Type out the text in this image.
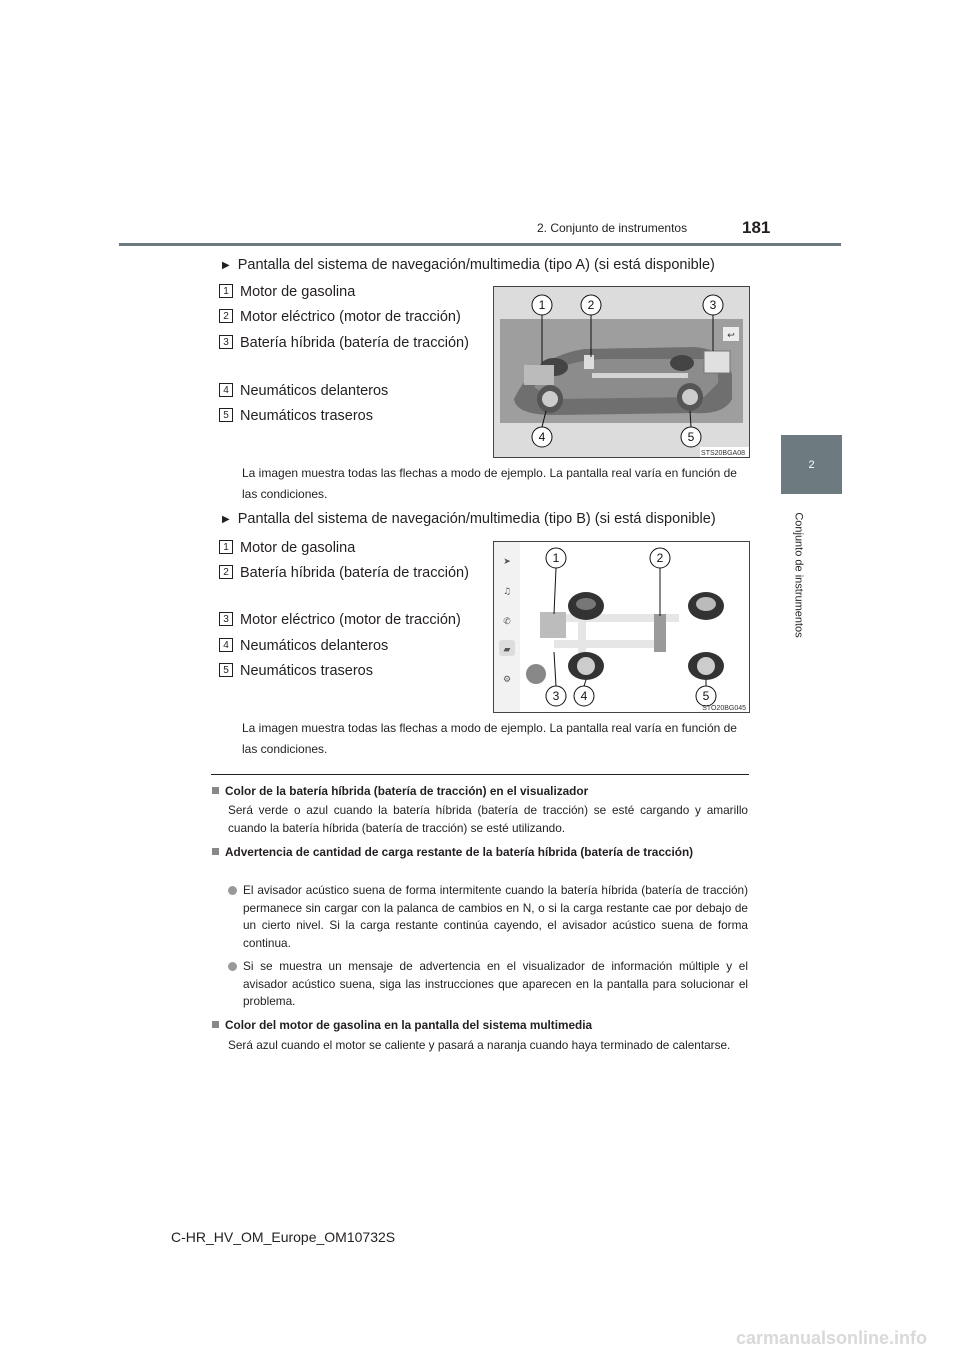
2. Conjunto de instrumentos	181
2
Conjunto de instrumentos
▶ Pantalla del sistema de navegación/multimedia (tipo A) (si está disponible)
1 Motor de gasolina
2 Motor eléctrico (motor de tracción)
3 Batería híbrida (batería de tracción)
4 Neumáticos delanteros
5 Neumáticos traseros
↩
1	2	3
4	5
STS20BGA08
La imagen muestra todas las flechas a modo de ejemplo. La pantalla real varía en función de las condiciones.
▶ Pantalla del sistema de navegación/multimedia (tipo B) (si está disponible)
1 Motor de gasolina
2 Batería híbrida (batería de tracción)
3 Motor eléctrico (motor de tracción)
4 Neumáticos delanteros
5 Neumáticos traseros
➤
♫
✆
▰
⚙
1	2
3 4	5
STO20BG045
La imagen muestra todas las flechas a modo de ejemplo. La pantalla real varía en función de las condiciones.
Color de la batería híbrida (batería de tracción) en el visualizador
Será verde o azul cuando la batería híbrida (batería de tracción) se esté cargando y amarillo cuando la batería híbrida (batería de tracción) se esté utilizando.
Advertencia de cantidad de carga restante de la batería híbrida (batería de tracción)
El avisador acústico suena de forma intermitente cuando la batería híbrida (batería de tracción) permanece sin cargar con la palanca de cambios en N, o si la carga restante cae por debajo de un cierto nivel. Si la carga restante continúa cayendo, el avisador acústico suena de forma continua.
Si se muestra un mensaje de advertencia en el visualizador de información múltiple y el avisador acústico suena, siga las instrucciones que aparecen en la pantalla para solucionar el problema.
Color del motor de gasolina en la pantalla del sistema multimedia
Será azul cuando el motor se caliente y pasará a naranja cuando haya terminado de calentarse.
C-HR_HV_OM_Europe_OM10732S
carmanualsonline.info
